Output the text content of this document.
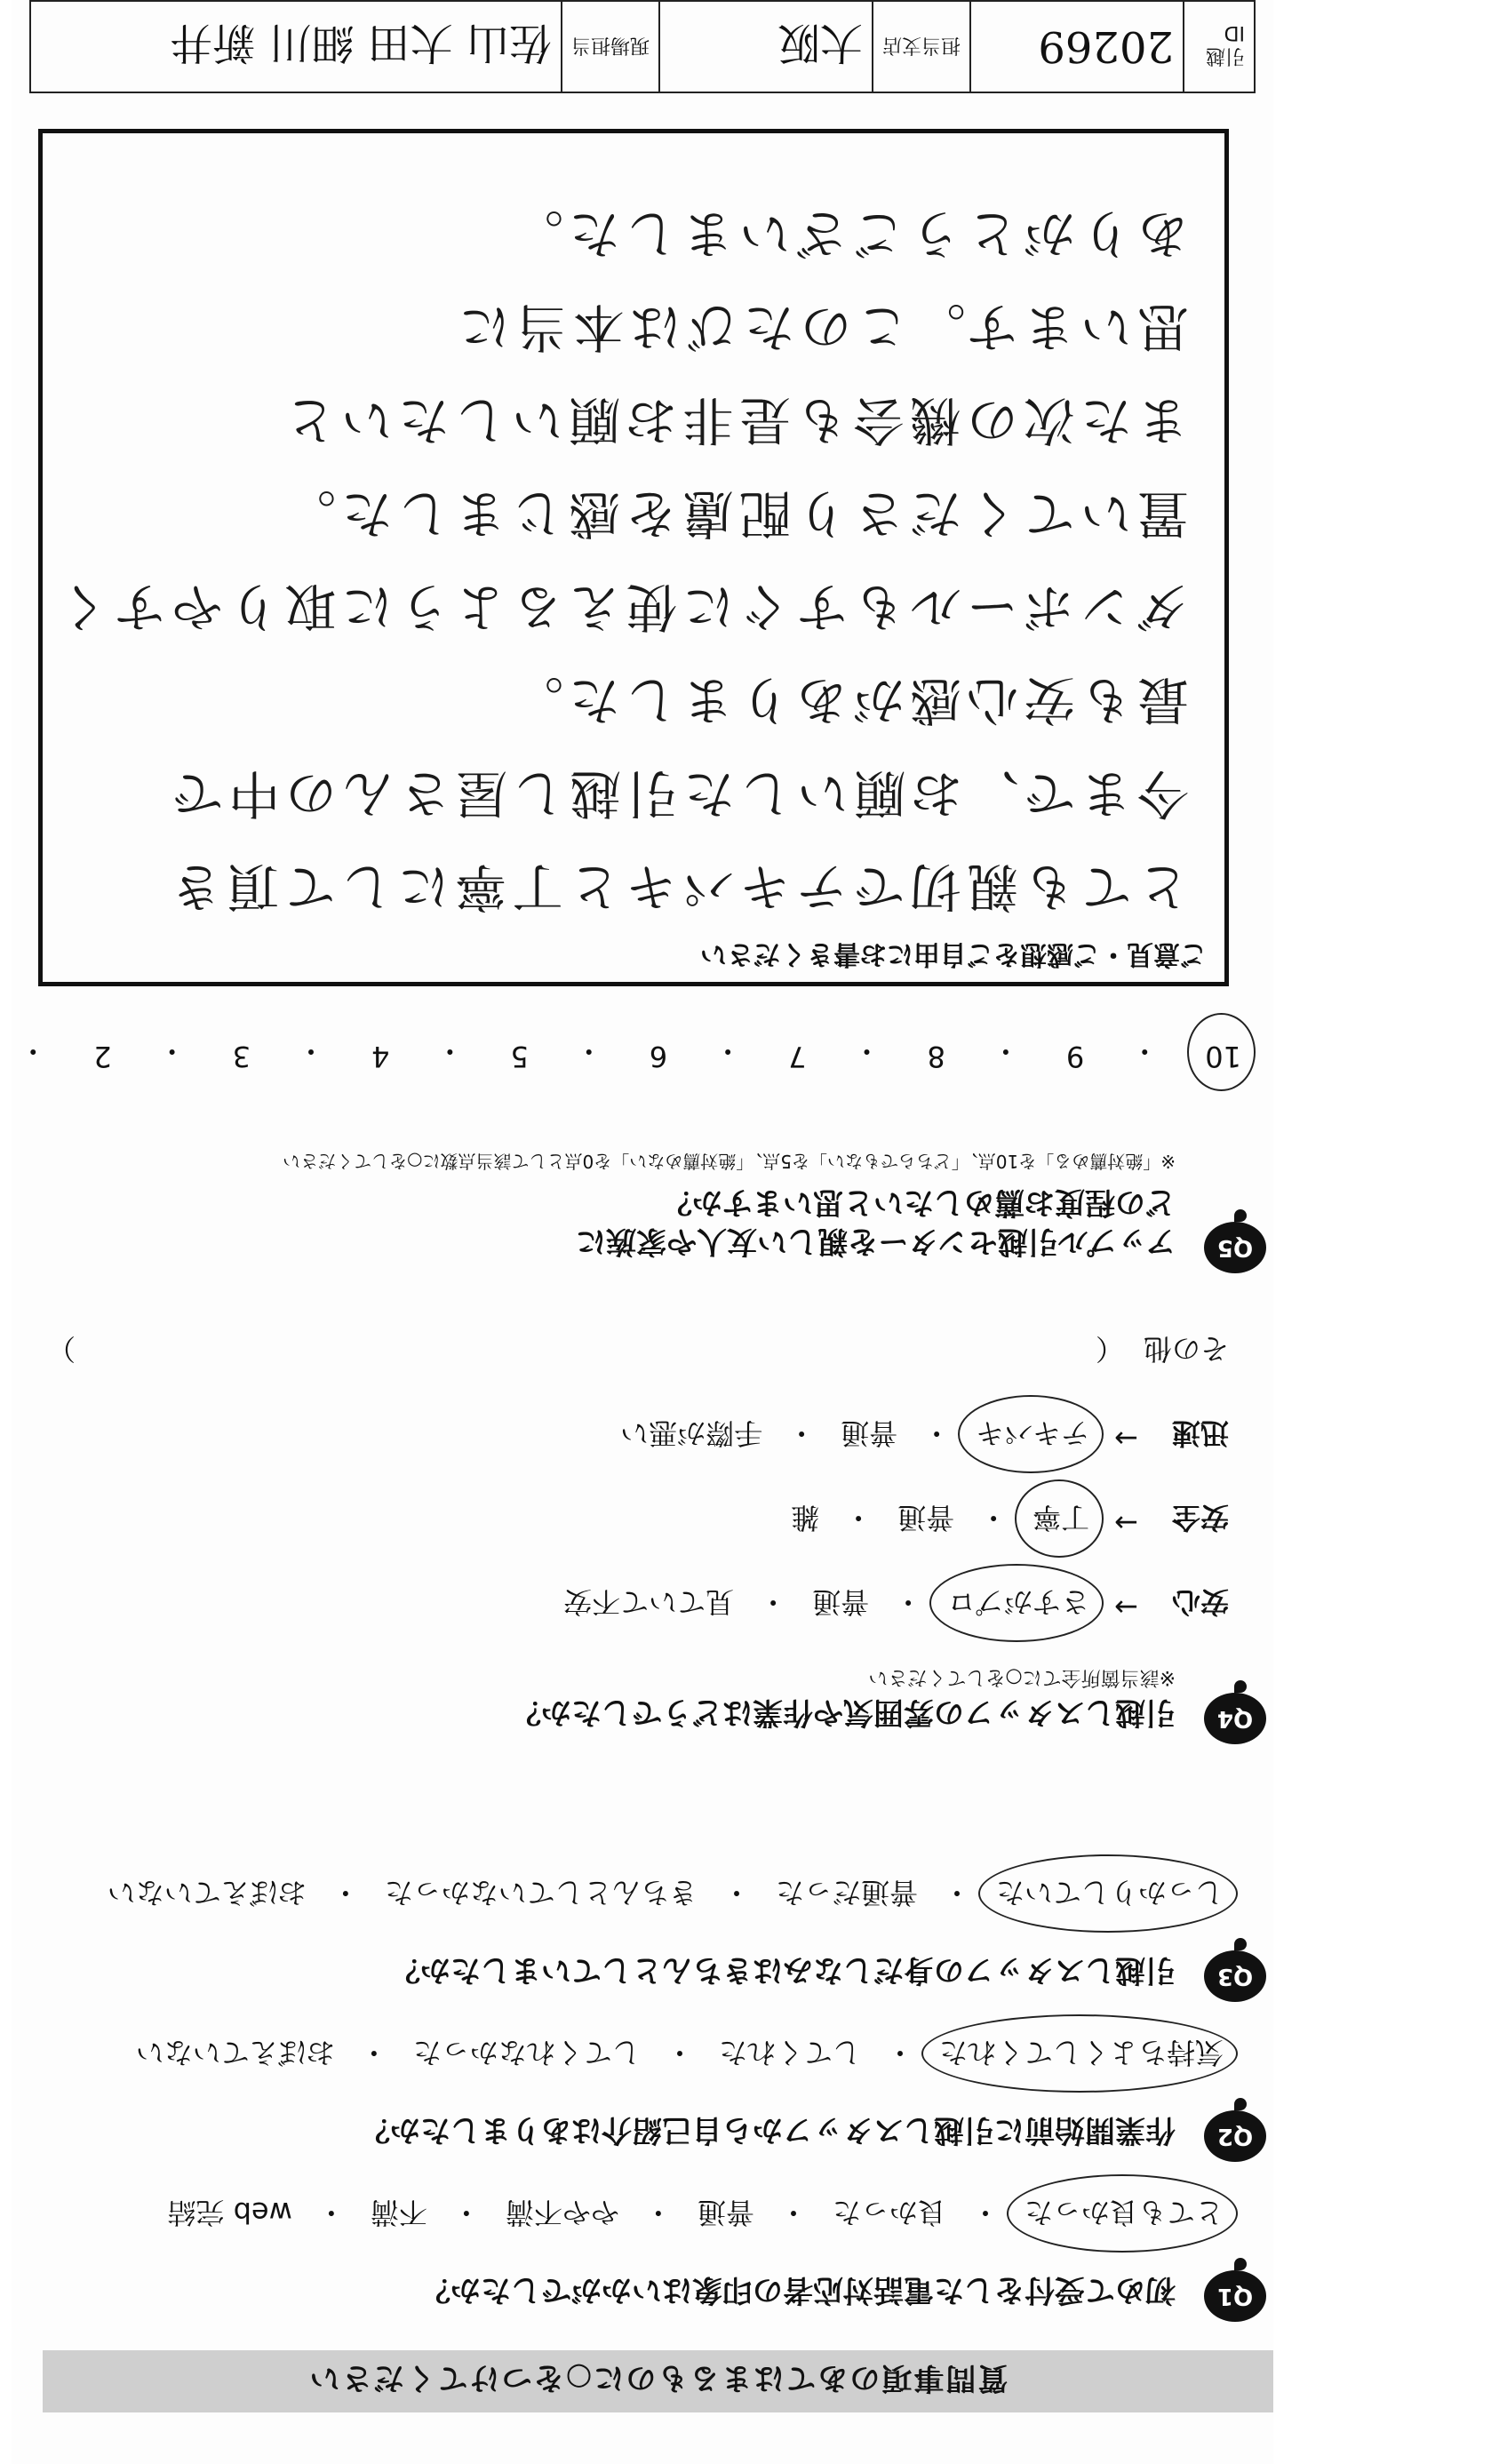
質問事項のあてはまるものに○をつけてください
Q1
初めて受付をした電話対応者の印象はいかがでしたか？
とても良かった
・
良かった
・
普通
・
やや不満
・
不満
・
web 完結
Q2
作業開始前に引越しスタッフから自己紹介はありましたか？
気持ちよくしてくれた
・
してくれた
・
してくれなかった
・
おぼえていない
Q3
引越しスタッフの身だしなみはきちんとしていましたか？
しっかりしていた
・
普通だった
・
きちんとしていなかった
・
おぼえていない
Q4
引越しスタッフの雰囲気や作業はどうでしたか？
※該当箇所全てに○をしてください
安心
→
さすがプロ
・
普通
・
見ていて不安
安全
→
丁寧
・
普通
・
雑
迅速
→
テキパキ
・
普通
・
手際が悪い
その他
（
）
Q5
アップル引越センターを親しい友人や家族に
どの程度お薦めしたいと思いますか？
※「絶対薦める」を10点、「どちらでもない」を5点、「絶対薦めない」を0点として該当点数に○をしてください
10
・
9
・
8
・
7
・
6
・
5
・
4
・
3
・
2
・
ご意見・ご感想をご自由にお書きください
とても親切でテキパキと丁寧にして頂き
今まで、お願いした引越し屋さんの中で
最も安心感がありました。
ダンボールもすぐに使えるように取りやすく
置いてくださり配慮を感じました。
また次の機会も是非お願いしたいと
思います。このたびは本当に
ありがとうございました。
引越ID
20269
担当支店
大阪
現場担当
佐山 大田 細川 新井
